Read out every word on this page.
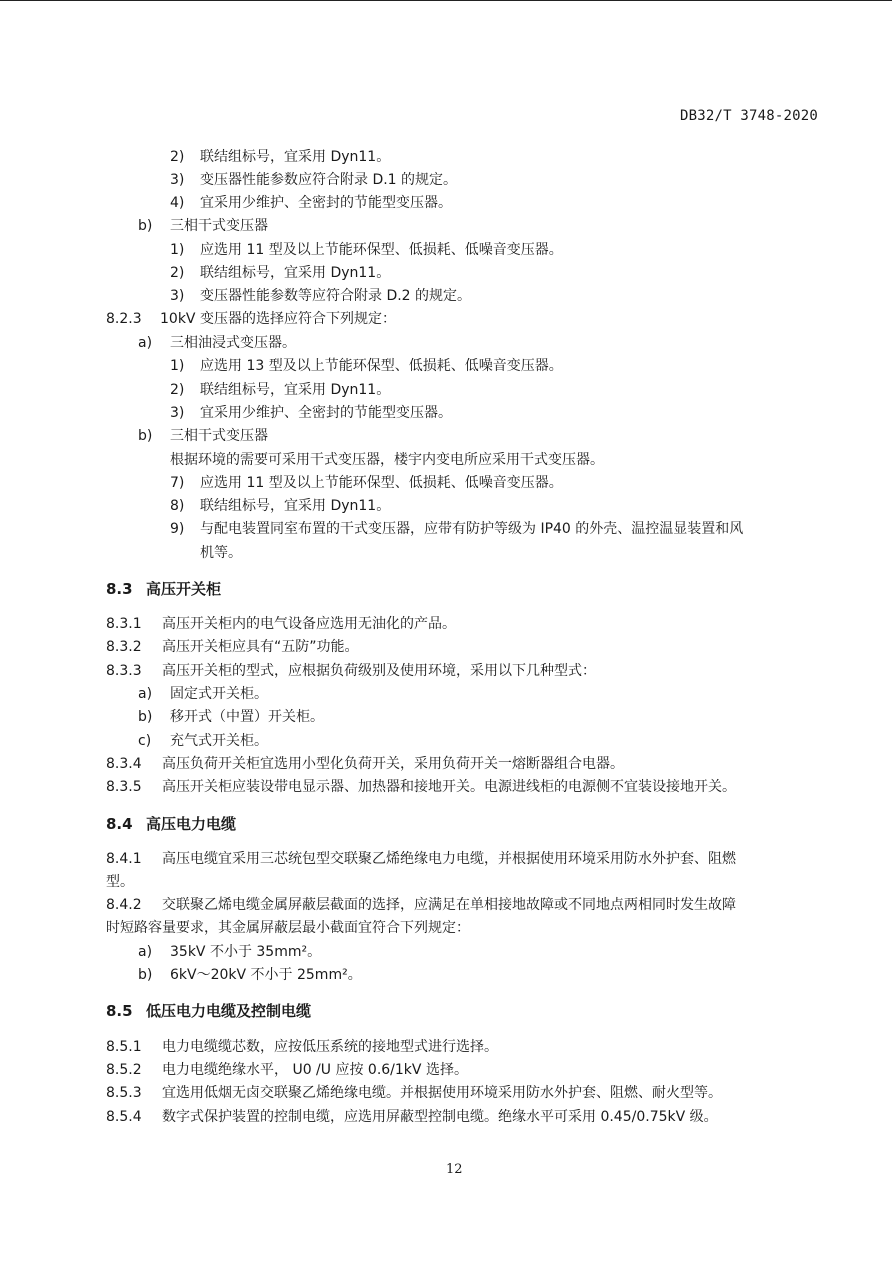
DB32/T 3748-2020
2) 联结组标号，宜采用 Dyn11。
3) 变压器性能参数应符合附录 D.1 的规定。
4) 宜采用少维护、全密封的节能型变压器。
b) 三相干式变压器
1) 应选用 11 型及以上节能环保型、低损耗、低噪音变压器。
2) 联结组标号，宜采用 Dyn11。
3) 变压器性能参数等应符合附录 D.2 的规定。
8.2.3 10kV 变压器的选择应符合下列规定：
a) 三相油浸式变压器。
1) 应选用 13 型及以上节能环保型、低损耗、低噪音变压器。
2) 联结组标号，宜采用 Dyn11。
3) 宜采用少维护、全密封的节能型变压器。
b) 三相干式变压器
根据环境的需要可采用干式变压器，楼宇内变电所应采用干式变压器。
7) 应选用 11 型及以上节能环保型、低损耗、低噪音变压器。
8) 联结组标号，宜采用 Dyn11。
9) 与配电装置同室布置的干式变压器，应带有防护等级为 IP40 的外壳、温控温显装置和风
机等。
8.3 高压开关柜
8.3.1 高压开关柜内的电气设备应选用无油化的产品。
8.3.2 高压开关柜应具有“五防”功能。
8.3.3 高压开关柜的型式，应根据负荷级别及使用环境，采用以下几种型式：
a) 固定式开关柜。
b) 移开式（中置）开关柜。
c) 充气式开关柜。
8.3.4 高压负荷开关柜宜选用小型化负荷开关，采用负荷开关一熔断器组合电器。
8.3.5 高压开关柜应装设带电显示器、加热器和接地开关。电源进线柜的电源侧不宜装设接地开关。
8.4 高压电力电缆
8.4.1 高压电缆宜采用三芯统包型交联聚乙烯绝缘电力电缆，并根据使用环境采用防水外护套、阻燃
型。
8.4.2 交联聚乙烯电缆金属屏蔽层截面的选择，应满足在单相接地故障或不同地点两相同时发生故障
时短路容量要求，其金属屏蔽层最小截面宜符合下列规定：
a) 35kV 不小于 35mm²。
b) 6kV～20kV 不小于 25mm²。
8.5 低压电力电缆及控制电缆
8.5.1 电力电缆缆芯数，应按低压系统的接地型式进行选择。
8.5.2 电力电缆绝缘水平， U0 /U 应按 0.6/1kV 选择。
8.5.3 宜选用低烟无卤交联聚乙烯绝缘电缆。并根据使用环境采用防水外护套、阻燃、耐火型等。
8.5.4 数字式保护装置的控制电缆，应选用屏蔽型控制电缆。绝缘水平可采用 0.45/0.75kV 级。
12
